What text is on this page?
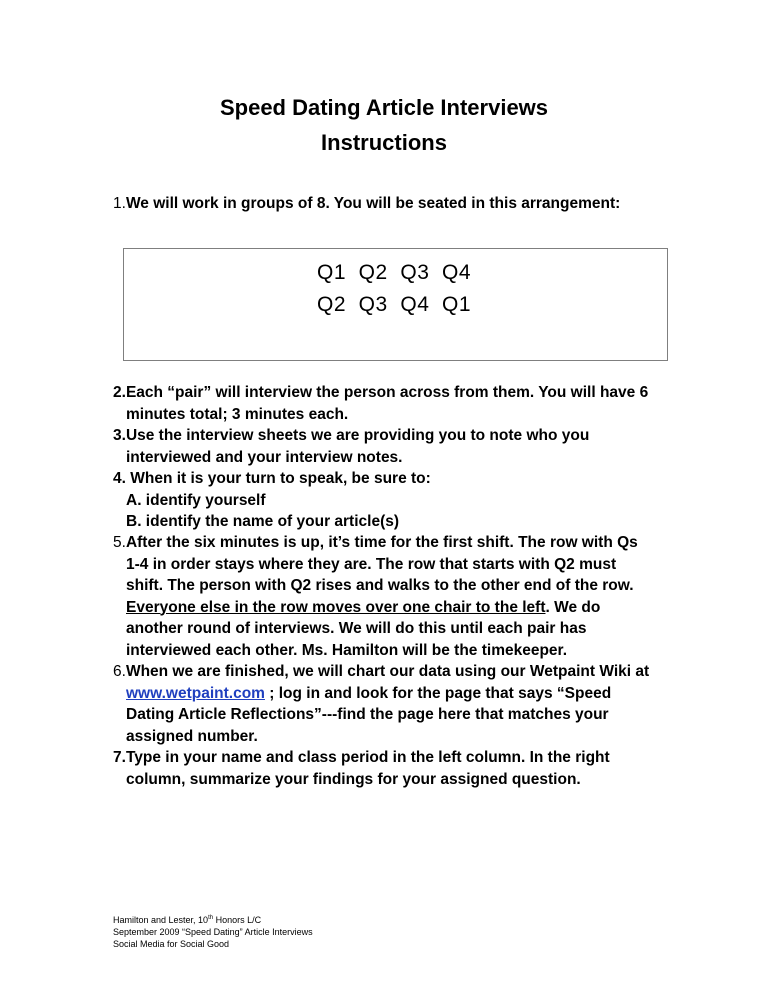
Speed Dating Article Interviews
Instructions
1.We will work in groups of 8. You will be seated in this arrangement:
Q1  Q2  Q3  Q4
Q2  Q3  Q4  Q1
2.Each “pair” will interview the person across from them. You will have 6
minutes total; 3 minutes each.
3.Use the interview sheets we are providing you to note who you
interviewed and your interview notes.
4. When it is your turn to speak, be sure to:
A. identify yourself
B. identify the name of your article(s)
5.After the six minutes is up, it’s time for the first shift. The row with Qs
1-4 in order stays where they are. The row that starts with Q2 must
shift. The person with Q2 rises and walks to the other end of the row.
Everyone else in the row moves over one chair to the left. We do
another round of interviews. We will do this until each pair has
interviewed each other. Ms. Hamilton will be the timekeeper.
6.When we are finished, we will chart our data using our Wetpaint Wiki at
www.wetpaint.com ; log in and look for the page that says “Speed
Dating Article Reflections”---find the page here that matches your
assigned number.
7.Type in your name and class period in the left column. In the right
column, summarize your findings for your assigned question.
Hamilton and Lester, 10th Honors L/C
September 2009 “Speed Dating” Article Interviews
Social Media for Social Good
